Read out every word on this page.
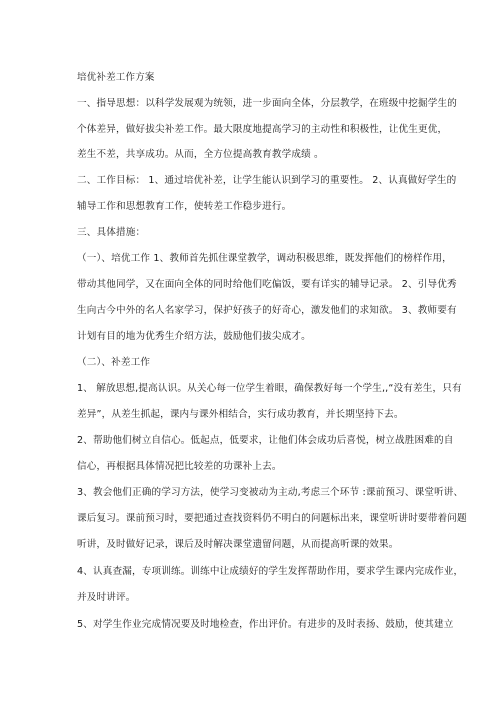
培优补差工作方案
一、指导思想：以科学发展观为统领，进一步面向全体，分层教学，在班级中挖掘学生的
个体差异，做好拔尖补差工作。最大限度地提高学习的主动性和积极性，让优生更优，
差生不差，共享成功。从而，全方位提高教育教学成绩 。
二、工作目标： 1、通过培优补差，让学生能认识到学习的重要性。 2、认真做好学生的
辅导工作和思想教育工作，使转差工作稳步进行。
三、具体措施：
（一）、培优工作 1、教师首先抓住课堂教学，调动积极思维，既发挥他们的榜样作用，
带动其他同学，又在面向全体的同时给他们吃偏饭，要有详实的辅导记录。 2、引导优秀
生向古今中外的名人名家学习，保护好孩子的好奇心，激发他们的求知欲。 3、教师要有
计划有目的地为优秀生介绍方法，鼓励他们拔尖成才。
（二）、补差工作
1、 解放思想,提高认识。从关心每一位学生着眼，确保教好每一个学生,,“没有差生，只有
差异”，从差生抓起，课内与课外相结合，实行成功教育，并长期坚持下去。
2、帮助他们树立自信心。低起点，低要求，让他们体会成功后喜悦，树立战胜困难的自
信心，再根据具体情况把比较差的功课补上去。
3、教会他们正确的学习方法，使学习变被动为主动,考虑三个环节 :课前预习、课堂听讲、
课后复习。课前预习时，要把通过查找资料仍不明白的问题标出来，课堂听讲时要带着问题
听讲，及时做好记录，课后及时解决课堂遗留问题，从而提高听课的效果。
4、认真查漏，专项训练。训练中让成绩好的学生发挥帮助作用，要求学生课内完成作业，
并及时讲评。
5、对学生作业完成情况要及时地检查，作出评价。有进步的及时表扬、鼓励，使其建立
